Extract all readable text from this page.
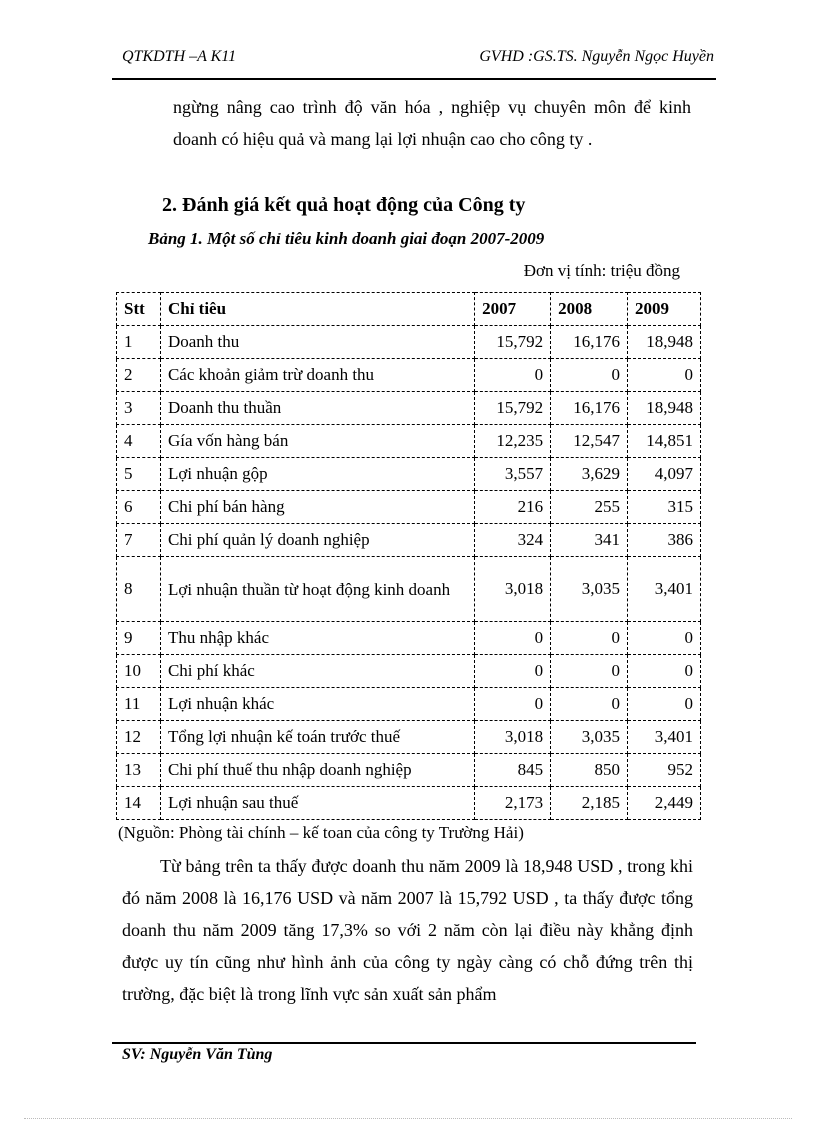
QTKDTH –A K11	GVHD :GS.TS. Nguyễn Ngọc Huyền
ngừng nâng cao trình độ văn hóa , nghiệp vụ chuyên môn để kinh doanh có hiệu quả và mang lại lợi nhuận cao cho công ty .
2. Đánh giá kết quả hoạt động của Công ty
Bảng 1. Một số chỉ tiêu kinh doanh giai đoạn 2007-2009
Đơn vị tính: triệu đồng
Stt	Chỉ tiêu	2007	2008	2009
1	Doanh thu	15,792	16,176	18,948
2	Các khoản giảm trừ doanh thu	0	0	0
3	Doanh thu thuần	15,792	16,176	18,948
4	Gía vốn hàng bán	12,235	12,547	14,851
5	Lợi nhuận gộp	3,557	3,629	4,097
6	Chi phí bán hàng	216	255	315
7	Chi phí quản lý doanh nghiệp	324	341	386
8	Lợi nhuận thuần từ hoạt động kinh doanh	3,018	3,035	3,401
9	Thu nhập khác	0	0	0
10	Chi phí khác	0	0	0
11	Lợi nhuận khác	0	0	0
12	Tổng lợi nhuận kế toán trước thuế	3,018	3,035	3,401
13	Chi phí thuế thu nhập doanh nghiệp	845	850	952
14	Lợi nhuận sau thuế	2,173	2,185	2,449
(Nguồn: Phòng tài chính – kế toan của công ty Trường Hải)
Từ bảng trên ta thấy được doanh thu năm 2009 là 18,948 USD , trong khi đó năm 2008 là 16,176 USD và năm 2007 là 15,792 USD , ta thấy được tổng doanh thu năm 2009 tăng 17,3% so với 2 năm còn lại điều này khẳng định được uy tín cũng như hình ảnh của công ty ngày càng có chỗ đứng trên thị trường, đặc biệt là trong lĩnh vực sản xuất sản phẩm
SV: Nguyễn Văn Tùng
